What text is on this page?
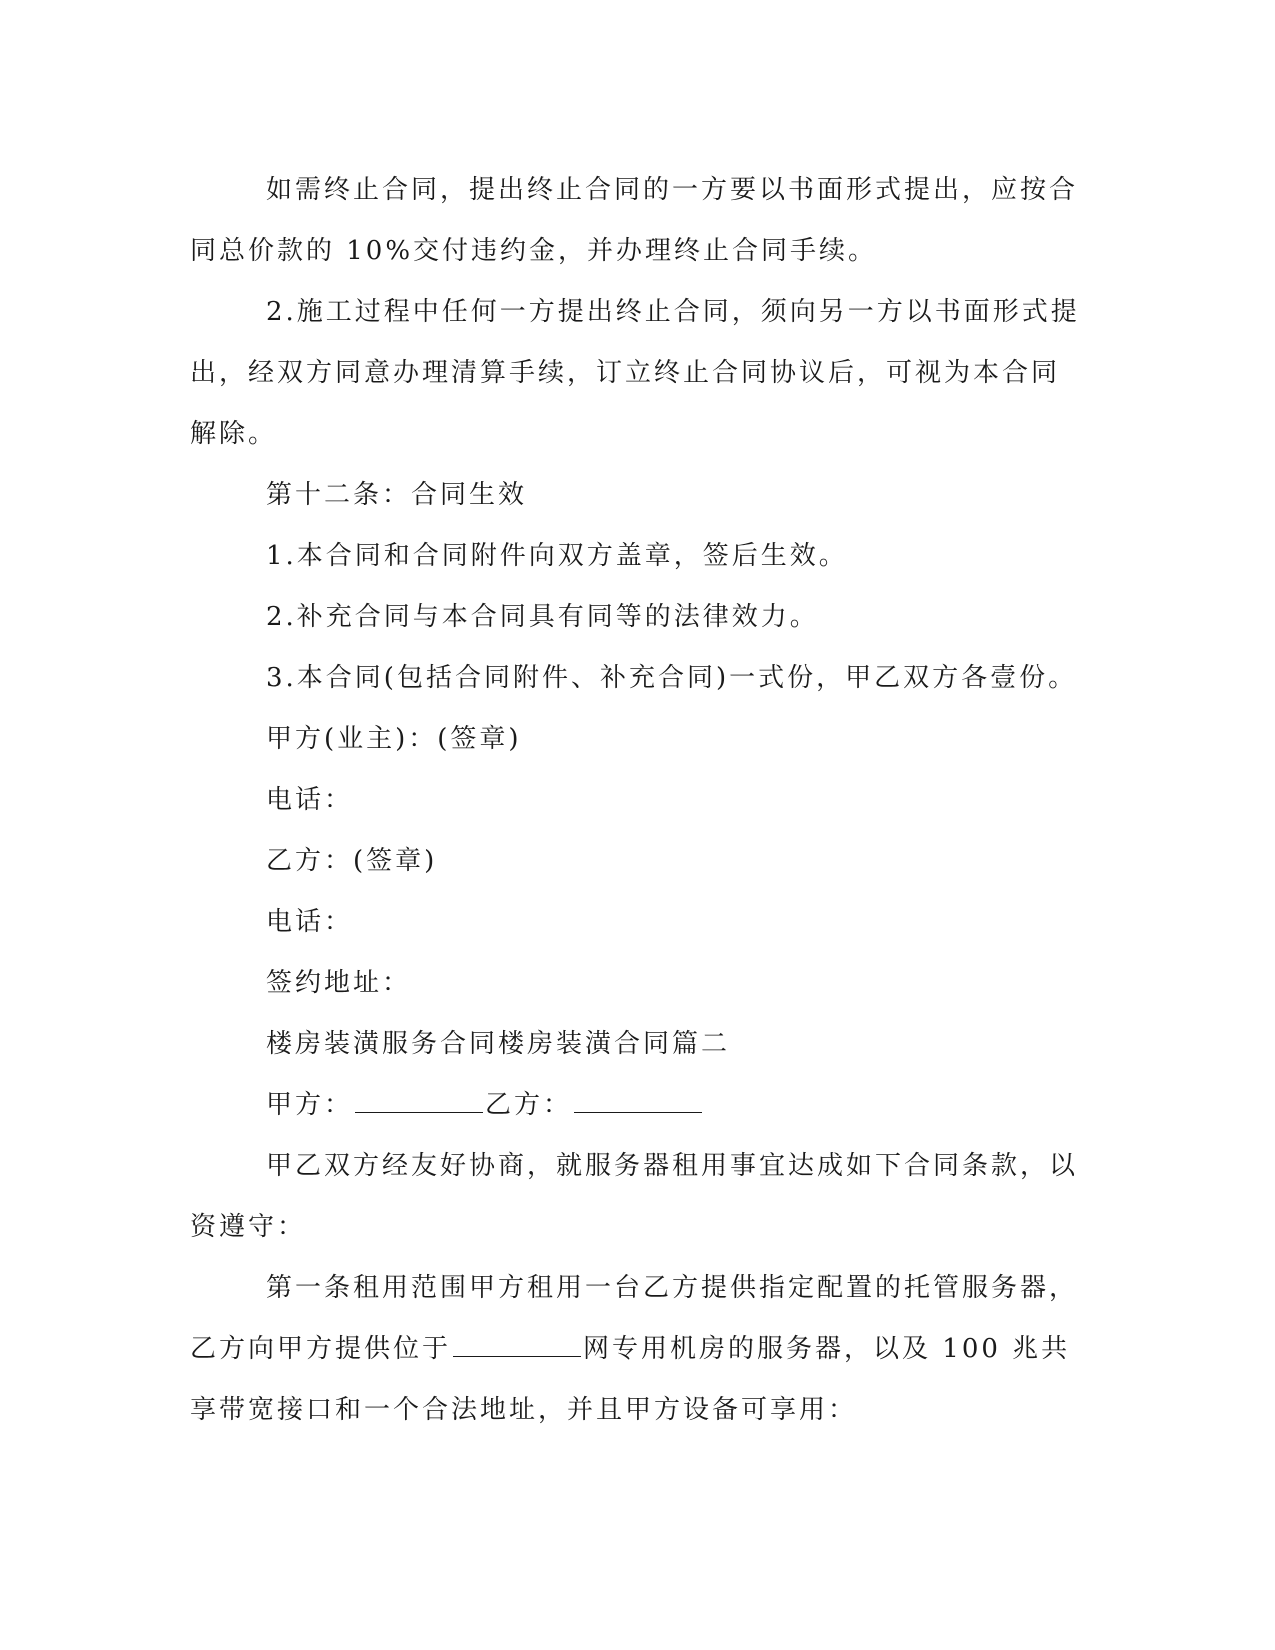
如需终止合同，提出终止合同的一方要以书面形式提出，应按合同总价款的 10%交付违约金，并办理终止合同手续。

2.施工过程中任何一方提出终止合同，须向另一方以书面形式提出，经双方同意办理清算手续，订立终止合同协议后，可视为本合同解除。

第十二条：合同生效

1.本合同和合同附件向双方盖章，签后生效。

2.补充合同与本合同具有同等的法律效力。

3.本合同(包括合同附件、补充合同)一式份，甲乙双方各壹份。

甲方(业主)：(签章)

电话：

乙方：(签章)

电话：

签约地址：

楼房装潢服务合同楼房装潢合同篇二

甲方：	乙方：

甲乙双方经友好协商，就服务器租用事宜达成如下合同条款，以资遵守：

第一条租用范围甲方租用一台乙方提供指定配置的托管服务器，乙方向甲方提供位于	网专用机房的服务器，以及 100 兆共享带宽接口和一个合法地址，并且甲方设备可享用：
